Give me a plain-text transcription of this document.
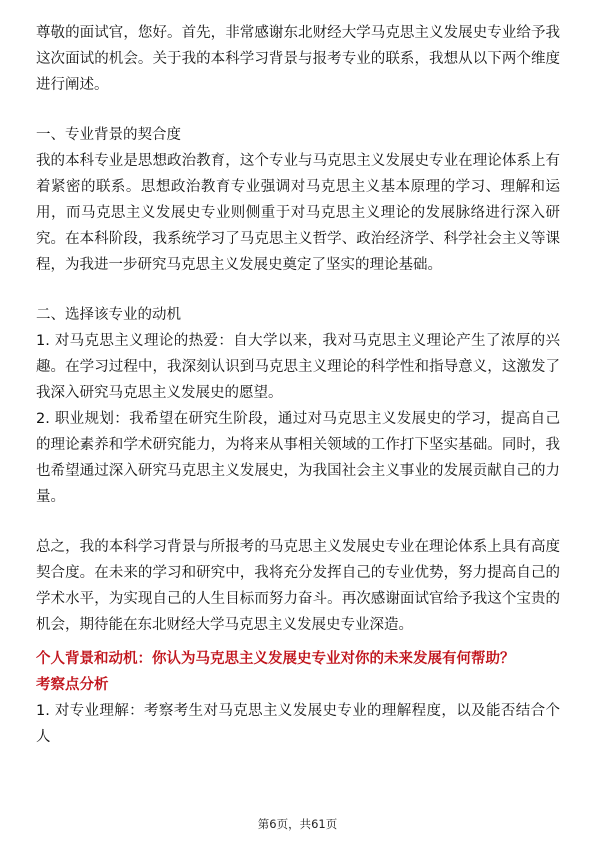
尊敬的面试官，您好。首先，非常感谢东北财经大学马克思主义发展史专业给予我这次面试的机会。关于我的本科学习背景与报考专业的联系，我想从以下两个维度进行阐述。

一、专业背景的契合度

我的本科专业是思想政治教育，这个专业与马克思主义发展史专业在理论体系上有着紧密的联系。思想政治教育专业强调对马克思主义基本原理的学习、理解和运用，而马克思主义发展史专业则侧重于对马克思主义理论的发展脉络进行深入研究。在本科阶段，我系统学习了马克思主义哲学、政治经济学、科学社会主义等课程，为我进一步研究马克思主义发展史奠定了坚实的理论基础。

二、选择该专业的动机

1. 对马克思主义理论的热爱：自大学以来，我对马克思主义理论产生了浓厚的兴趣。在学习过程中，我深刻认识到马克思主义理论的科学性和指导意义，这激发了我深入研究马克思主义发展史的愿望。

2. 职业规划：我希望在研究生阶段，通过对马克思主义发展史的学习，提高自己的理论素养和学术研究能力，为将来从事相关领域的工作打下坚实基础。同时，我也希望通过深入研究马克思主义发展史，为我国社会主义事业的发展贡献自己的力量。

总之，我的本科学习背景与所报考的马克思主义发展史专业在理论体系上具有高度契合度。在未来的学习和研究中，我将充分发挥自己的专业优势，努力提高自己的学术水平，为实现自己的人生目标而努力奋斗。再次感谢面试官给予我这个宝贵的机会，期待能在东北财经大学马克思主义发展史专业深造。

个人背景和动机：你认为马克思主义发展史专业对你的未来发展有何帮助？

考察点分析

1. 对专业理解：考察考生对马克思主义发展史专业的理解程度，以及能否结合个人

第6页，共61页
